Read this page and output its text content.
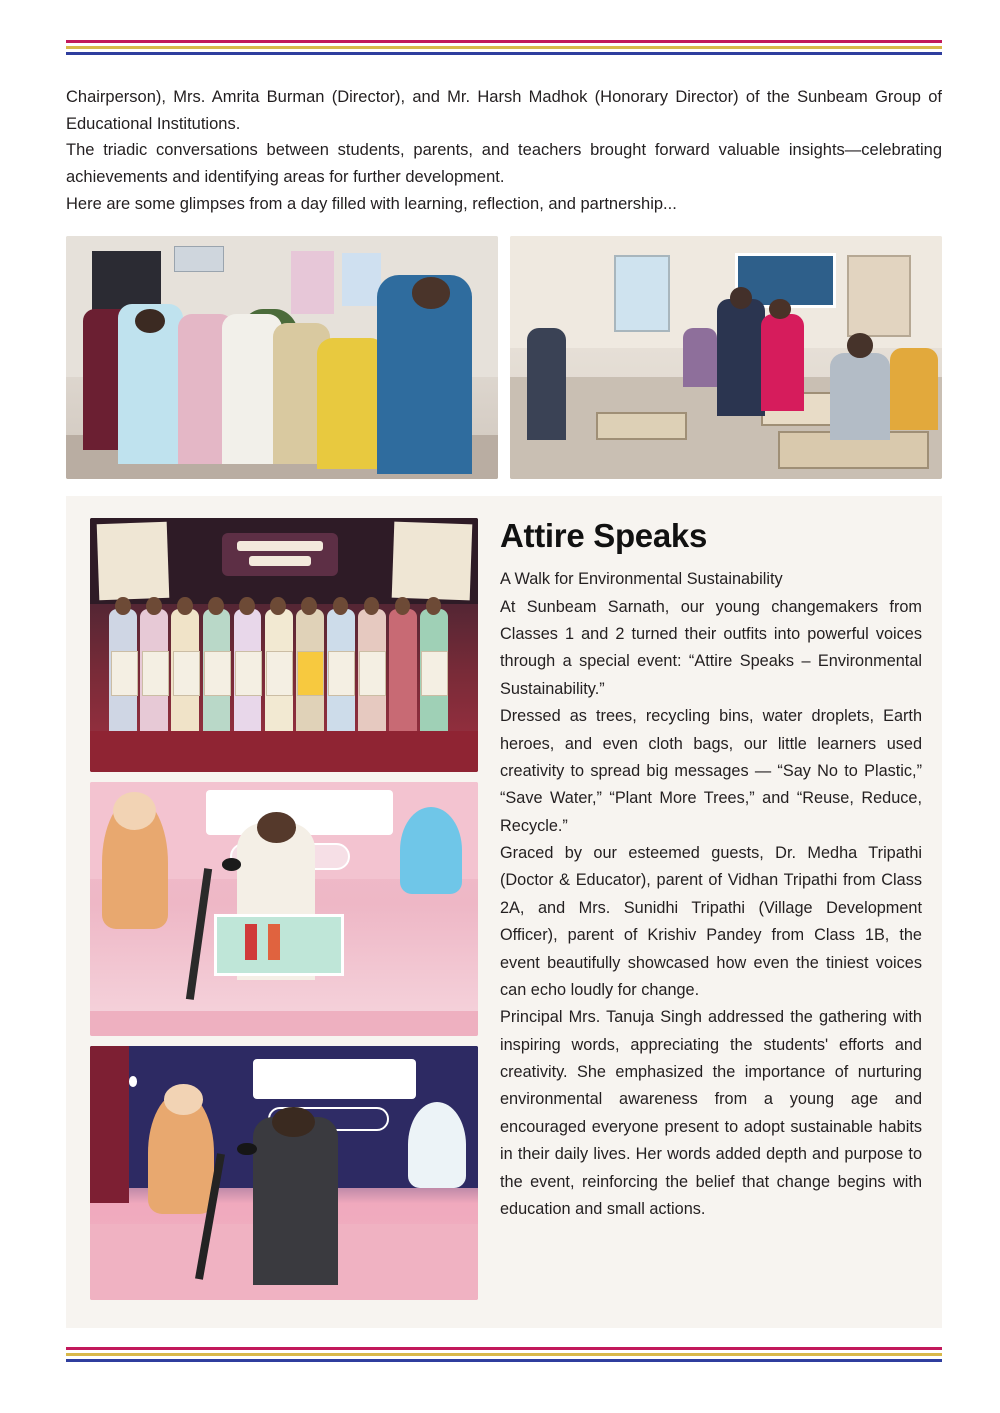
Chairperson), Mrs. Amrita Burman (Director), and Mr. Harsh Madhok (Honorary Director) of the Sunbeam Group of Educational Institutions.

The triadic conversations between students, parents, and teachers brought forward valuable insights—celebrating achievements and identifying areas for further development.

Here are some glimpses from a day filled with learning, reflection, and partnership...

Attire Speaks

A Walk for Environmental Sustainability

At Sunbeam Sarnath, our young changemakers from Classes 1 and 2 turned their outfits into powerful voices through a special event: “Attire Speaks – Environmental Sustainability.”

Dressed as trees, recycling bins, water droplets, Earth heroes, and even cloth bags, our little learners used creativity to spread big messages — “Say No to Plastic,” “Save Water,” “Plant More Trees,” and “Reuse, Reduce, Recycle.”

Graced by our esteemed guests, Dr. Medha Tripathi (Doctor & Educator), parent of Vidhan Tripathi from Class 2A, and Mrs. Sunidhi Tripathi (Village Development Officer), parent of Krishiv Pandey from Class 1B, the event beautifully showcased how even the tiniest voices can echo loudly for change.

Principal Mrs. Tanuja Singh addressed the gathering with inspiring words, appreciating the students' efforts and creativity. She emphasized the importance of nurturing environmental awareness from a young age and encouraged everyone present to adopt sustainable habits in their daily lives. Her words added depth and purpose to the event, reinforcing the belief that change begins with education and small actions.
